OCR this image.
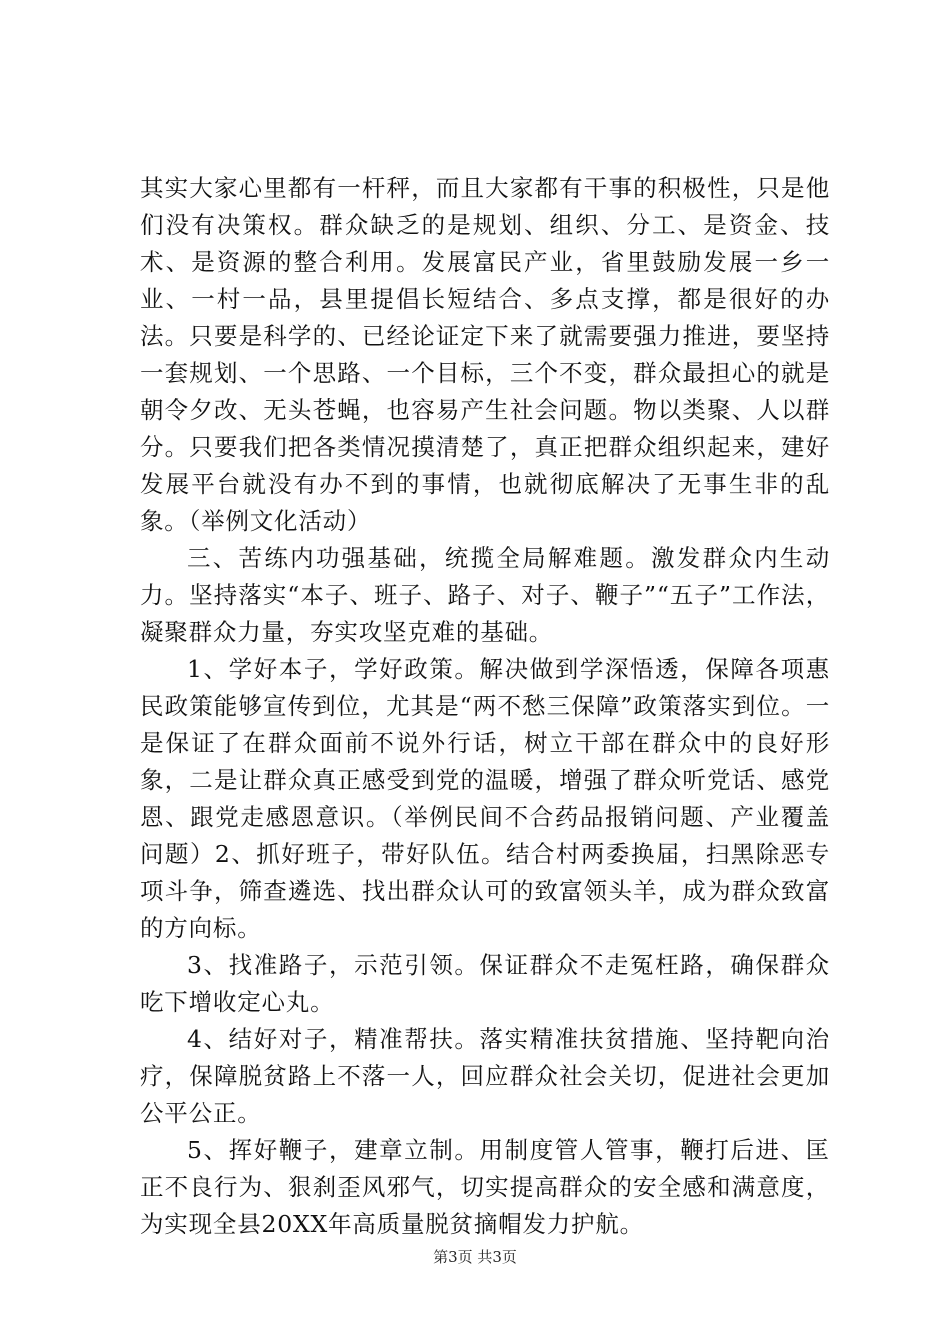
其实大家心里都有一杆秤，而且大家都有干事的积极性，只是他们没有决策权。群众缺乏的是规划、组织、分工、是资金、技术、是资源的整合利用。发展富民产业，省里鼓励发展一乡一业、一村一品，县里提倡长短结合、多点支撑，都是很好的办法。只要是科学的、已经论证定下来了就需要强力推进，要坚持一套规划、一个思路、一个目标，三个不变，群众最担心的就是朝令夕改、无头苍蝇，也容易产生社会问题。物以类聚、人以群分。只要我们把各类情况摸清楚了，真正把群众组织起来，建好发展平台就没有办不到的事情，也就彻底解决了无事生非的乱象。（举例文化活动）

三、苦练内功强基础，统揽全局解难题。激发群众内生动力。坚持落实“本子、班子、路子、对子、鞭子”“五子”工作法，凝聚群众力量，夯实攻坚克难的基础。

1、学好本子，学好政策。解决做到学深悟透，保障各项惠民政策能够宣传到位，尤其是“两不愁三保障”政策落实到位。一是保证了在群众面前不说外行话，树立干部在群众中的良好形象，二是让群众真正感受到党的温暖，增强了群众听党话、感党恩、跟党走感恩意识。（举例民间不合药品报销问题、产业覆盖问题）2、抓好班子，带好队伍。结合村两委换届，扫黑除恶专项斗争，筛查遴选、找出群众认可的致富领头羊，成为群众致富的方向标。

3、找准路子，示范引领。保证群众不走冤枉路，确保群众吃下增收定心丸。

4、结好对子，精准帮扶。落实精准扶贫措施、坚持靶向治疗，保障脱贫路上不落一人，回应群众社会关切，促进社会更加公平公正。

5、挥好鞭子，建章立制。用制度管人管事，鞭打后进、匡正不良行为、狠刹歪风邪气，切实提高群众的安全感和满意度，为实现全县20XX年高质量脱贫摘帽发力护航。

第3页 共3页
